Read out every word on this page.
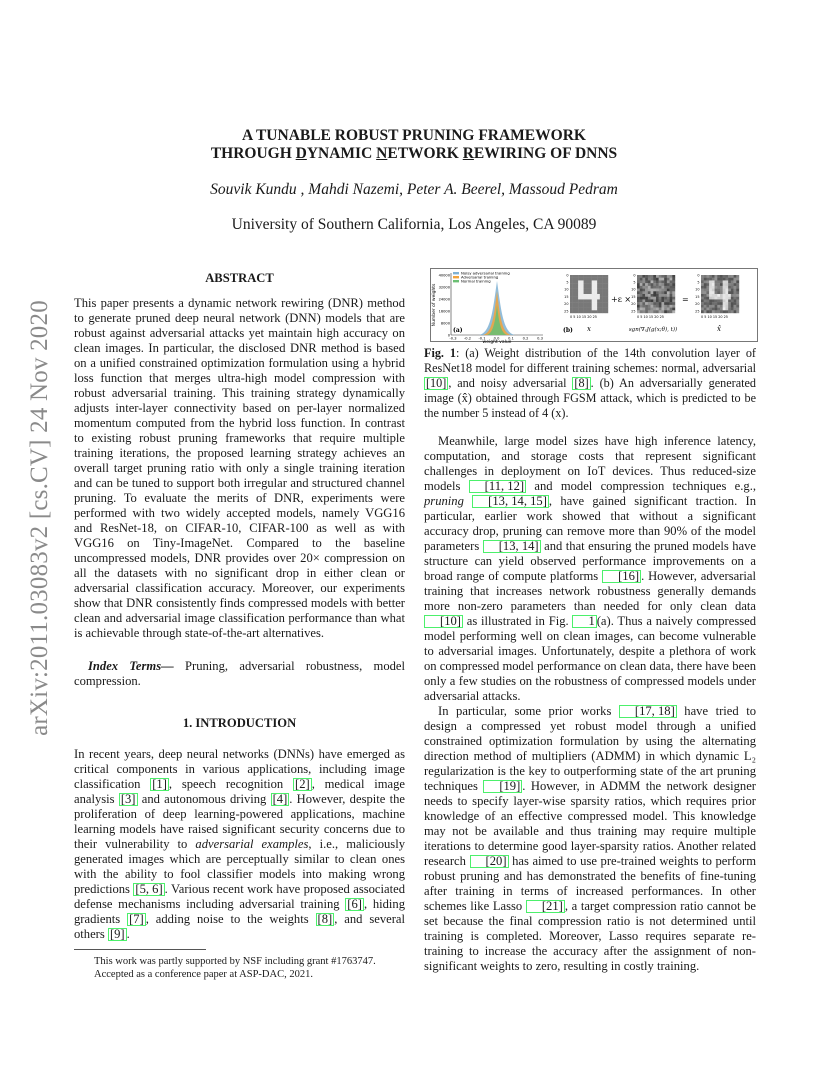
arXiv:2011.03083v2 [cs.CV] 24 Nov 2020
A TUNABLE ROBUST PRUNING FRAMEWORK
THROUGH DYNAMIC NETWORK REWIRING OF DNNS
Souvik Kundu , Mahdi Nazemi, Peter A. Beerel, Massoud Pedram
University of Southern California, Los Angeles, CA 90089
ABSTRACT

This paper presents a dynamic network rewiring (DNR) method to generate pruned deep neural network (DNN) models that are robust against adversarial attacks yet maintain high accuracy on clean images. In particular, the disclosed DNR method is based on a unified constrained optimization formulation using a hybrid loss function that merges ultra-high model compression with robust adversarial training. This training strategy dynamically adjusts inter-layer connectivity based on per-layer normalized momentum computed from the hybrid loss function. In contrast to existing robust pruning frameworks that require multiple training iterations, the proposed learning strategy achieves an overall target pruning ratio with only a single training iteration and can be tuned to support both irregular and structured channel pruning. To evaluate the merits of DNR, experiments were performed with two widely accepted models, namely VGG16 and ResNet-18, on CIFAR-10, CIFAR-100 as well as with VGG16 on Tiny-ImageNet. Compared to the baseline uncompressed models, DNR provides over 20× compression on all the datasets with no significant drop in either clean or adversarial classification accuracy. Moreover, our experiments show that DNR consistently finds compressed models with better clean and adversarial image classification performance than what is achievable through state-of-the-art alternatives.

Index Terms— Pruning, adversarial robustness, model compression.

1. INTRODUCTION

In recent years, deep neural networks (DNNs) have emerged as critical components in various applications, including image classification [1] , speech recognition [2] , medical image analysis [3] and autonomous driving [4] . However, despite the proliferation of deep learning-powered applications, machine learning models have raised significant security concerns due to their vulnerability to adversarial examples, i.e., maliciously generated images which are perceptually similar to clean ones with the ability to fool classifier models into making wrong predictions [5, 6] . Various recent work have proposed associated defense mechanisms including adversarial training [6] , hiding gradients [7] , adding noise to the weights [8] , and several others [9] .

This work was partly supported by NSF including grant #1763747.
Accepted as a conference paper at ASP-DAC, 2021.
40000
32000
24000
16000
8000
0
-0.3 -0.2 -0.1 0.0 0.1 0.2 0.3
Number of weights
weight value
Noisy adversarial training
Adversarial training
Normal training
(a)
0
5
10
15
20
25
0 5 10 15 20 25
0
5
10
15
20
25
0 5 10 15 20 25
0
5
10
15
20
25
0 5 10 15 20 25
+ε ×	=
(b) x	sgn(∇ₓJ(g(x;θ), t))	x̂

Fig. 1: (a) Weight distribution of the 14th convolution layer of ResNet18 model for different training schemes: normal, adversarial [10] , and noisy adversarial [8] . (b) An adversarially generated image (x̂) obtained through FGSM attack, which is predicted to be the number 5 instead of 4 (x).

Meanwhile, large model sizes have high inference latency, computation, and storage costs that represent significant challenges in deployment on IoT devices. Thus reduced-size models [11, 12] and model compression techniques e.g., pruning [13, 14, 15] , have gained significant traction. In particular, earlier work showed that without a significant accuracy drop, pruning can remove more than 90% of the model parameters [13, 14] and that ensuring the pruned models have structure can yield observed performance improvements on a broad range of compute platforms [16] . However, adversarial training that increases network robustness generally demands more non-zero parameters than needed for only clean data [10] as illustrated in Fig. 1 (a). Thus a naively compressed model performing well on clean images, can become vulnerable to adversarial images. Unfortunately, despite a plethora of work on compressed model performance on clean data, there have been only a few studies on the robustness of compressed models under adversarial attacks.

In particular, some prior works [17, 18] have tried to design a compressed yet robust model through a unified constrained optimization formulation by using the alternating direction method of multipliers (ADMM) in which dynamic L₂ regularization is the key to outperforming state of the art pruning techniques [19] . However, in ADMM the network designer needs to specify layer-wise sparsity ratios, which requires prior knowledge of an effective compressed model. This knowledge may not be available and thus training may require multiple iterations to determine good layer-sparsity ratios. Another related research [20] has aimed to use pre-trained weights to perform robust pruning and has demonstrated the benefits of fine-tuning after training in terms of increased performances. In other schemes like Lasso [21] , a target compression ratio cannot be set because the final compression ratio is not determined until training is completed. Moreover, Lasso requires separate re-training to increase the accuracy after the assignment of non-significant weights to zero, resulting in costly training.
